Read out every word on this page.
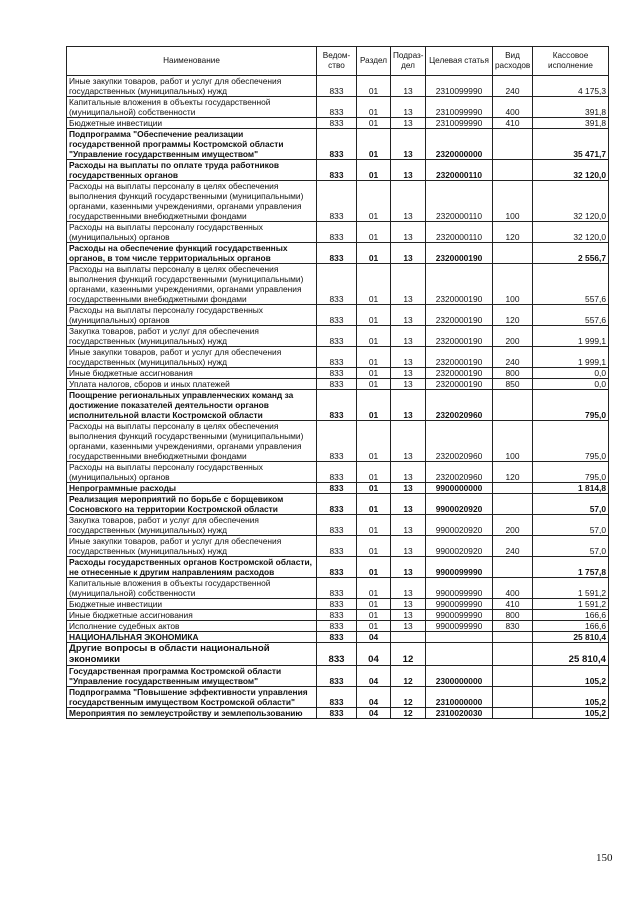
Наименование	Ведом-ство	Раздел	Подраз-дел	Целевая статья	Вид расходов	Кассовое исполнение
Иные закупки товаров, работ и услуг для обеспечения государственных (муниципальных) нужд	833	01	13	2310099990	240	4 175,3
Капитальные вложения в объекты государственной (муниципальной) собственности	833	01	13	2310099990	400	391,8
Бюджетные инвестиции	833	01	13	2310099990	410	391,8
Подпрограмма "Обеспечение реализации государственной программы Костромской области "Управление государственным имуществом"	833	01	13	2320000000		35 471,7
Расходы на выплаты по оплате труда работников государственных органов	833	01	13	2320000110		32 120,0
Расходы на выплаты персоналу в целях обеспечения выполнения функций государственными (муниципальными) органами, казенными учреждениями, органами управления государственными внебюджетными фондами	833	01	13	2320000110	100	32 120,0
Расходы на выплаты персоналу государственных (муниципальных) органов	833	01	13	2320000110	120	32 120,0
Расходы на обеспечение функций государственных органов, в том числе территориальных органов	833	01	13	2320000190		2 556,7
Расходы на выплаты персоналу в целях обеспечения выполнения функций государственными (муниципальными) органами, казенными учреждениями, органами управления государственными внебюджетными фондами	833	01	13	2320000190	100	557,6
Расходы на выплаты персоналу государственных (муниципальных) органов	833	01	13	2320000190	120	557,6
Закупка товаров, работ и услуг для обеспечения государственных (муниципальных) нужд	833	01	13	2320000190	200	1 999,1
Иные закупки товаров, работ и услуг для обеспечения государственных (муниципальных) нужд	833	01	13	2320000190	240	1 999,1
Иные бюджетные ассигнования	833	01	13	2320000190	800	0,0
Уплата налогов, сборов и иных платежей	833	01	13	2320000190	850	0,0
Поощрение региональных управленческих команд за достижение показателей деятельности органов исполнительной власти Костромской области	833	01	13	2320020960		795,0
Расходы на выплаты персоналу в целях обеспечения выполнения функций государственными (муниципальными) органами, казенными учреждениями, органами управления государственными внебюджетными фондами	833	01	13	2320020960	100	795,0
Расходы на выплаты персоналу государственных (муниципальных) органов	833	01	13	2320020960	120	795,0
Непрограммные расходы	833	01	13	9900000000		1 814,8
Реализация мероприятий по борьбе с борщевиком Сосновского на территории Костромской области	833	01	13	9900020920		57,0
Закупка товаров, работ и услуг для обеспечения государственных (муниципальных) нужд	833	01	13	9900020920	200	57,0
Иные закупки товаров, работ и услуг для обеспечения государственных (муниципальных) нужд	833	01	13	9900020920	240	57,0
Расходы государственных органов Костромской области, не отнесенные к другим направлениям расходов	833	01	13	9900099990		1 757,8
Капитальные вложения в объекты государственной (муниципальной) собственности	833	01	13	9900099990	400	1 591,2
Бюджетные инвестиции	833	01	13	9900099990	410	1 591,2
Иные бюджетные ассигнования	833	01	13	9900099990	800	166,6
Исполнение судебных актов	833	01	13	9900099990	830	166,6
НАЦИОНАЛЬНАЯ ЭКОНОМИКА	833	04				25 810,4
Другие вопросы в области национальной экономики	833	04	12			25 810,4
Государственная программа Костромской области "Управление государственным имуществом"	833	04	12	2300000000		105,2
Подпрограмма "Повышение эффективности управления государственным имуществом Костромской области"	833	04	12	2310000000		105,2
Мероприятия по землеустройству и землепользованию	833	04	12	2310020030		105,2
150
